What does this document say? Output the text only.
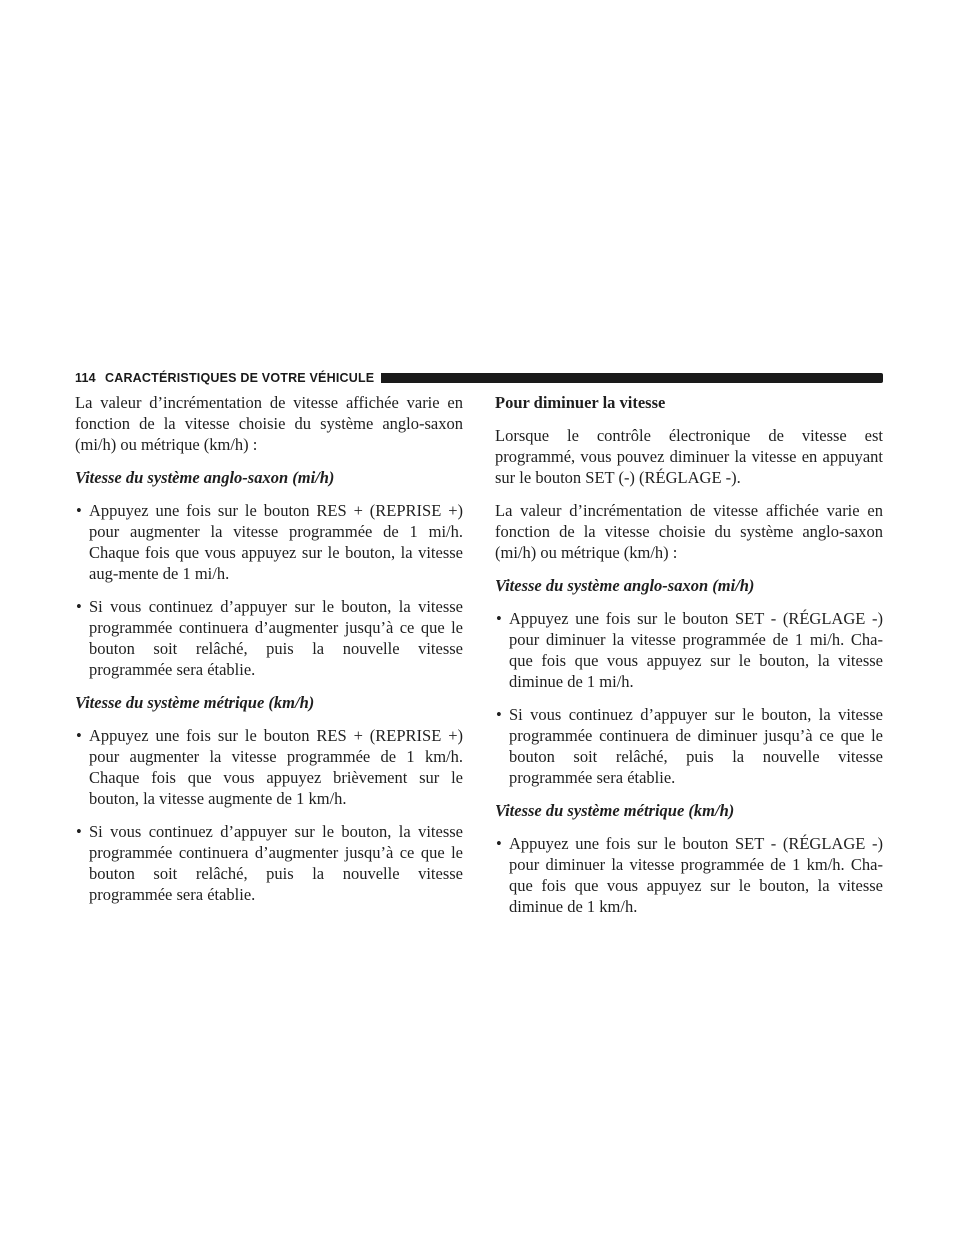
114 CARACTÉRISTIQUES DE VOTRE VÉHICULE

La valeur d’incrémentation de vitesse affichée varie en fonction de la vitesse choisie du système anglo-saxon (mi/h) ou métrique (km/h) :

Vitesse du système anglo-saxon (mi/h)
• Appuyez une fois sur le bouton RES + (REPRISE +) pour augmenter la vitesse programmée de 1 mi/h. Chaque fois que vous appuyez sur le bouton, la vitesse aug-mente de 1 mi/h.
• Si vous continuez d’appuyer sur le bouton, la vitesse programmée continuera d’augmenter jusqu’à ce que le bouton soit relâché, puis la nouvelle vitesse programmée sera établie.
Vitesse du système métrique (km/h)
• Appuyez une fois sur le bouton RES + (REPRISE +) pour augmenter la vitesse programmée de 1 km/h. Chaque fois que vous appuyez brièvement sur le bouton, la vitesse augmente de 1 km/h.
• Si vous continuez d’appuyer sur le bouton, la vitesse programmée continuera d’augmenter jusqu’à ce que le bouton soit relâché, puis la nouvelle vitesse programmée sera établie.
Pour diminuer la vitesse

Lorsque le contrôle électronique de vitesse est programmé, vous pouvez diminuer la vitesse en appuyant sur le bouton SET (-) (RÉGLAGE -).

La valeur d’incrémentation de vitesse affichée varie en fonction de la vitesse choisie du système anglo-saxon (mi/h) ou métrique (km/h) :

Vitesse du système anglo-saxon (mi/h)
• Appuyez une fois sur le bouton SET - (RÉGLAGE -) pour diminuer la vitesse programmée de 1 mi/h. Cha-que fois que vous appuyez sur le bouton, la vitesse diminue de 1 mi/h.
• Si vous continuez d’appuyer sur le bouton, la vitesse programmée continuera de diminuer jusqu’à ce que le bouton soit relâché, puis la nouvelle vitesse programmée sera établie.
Vitesse du système métrique (km/h)
• Appuyez une fois sur le bouton SET - (RÉGLAGE -) pour diminuer la vitesse programmée de 1 km/h. Cha-que fois que vous appuyez sur le bouton, la vitesse diminue de 1 km/h.
